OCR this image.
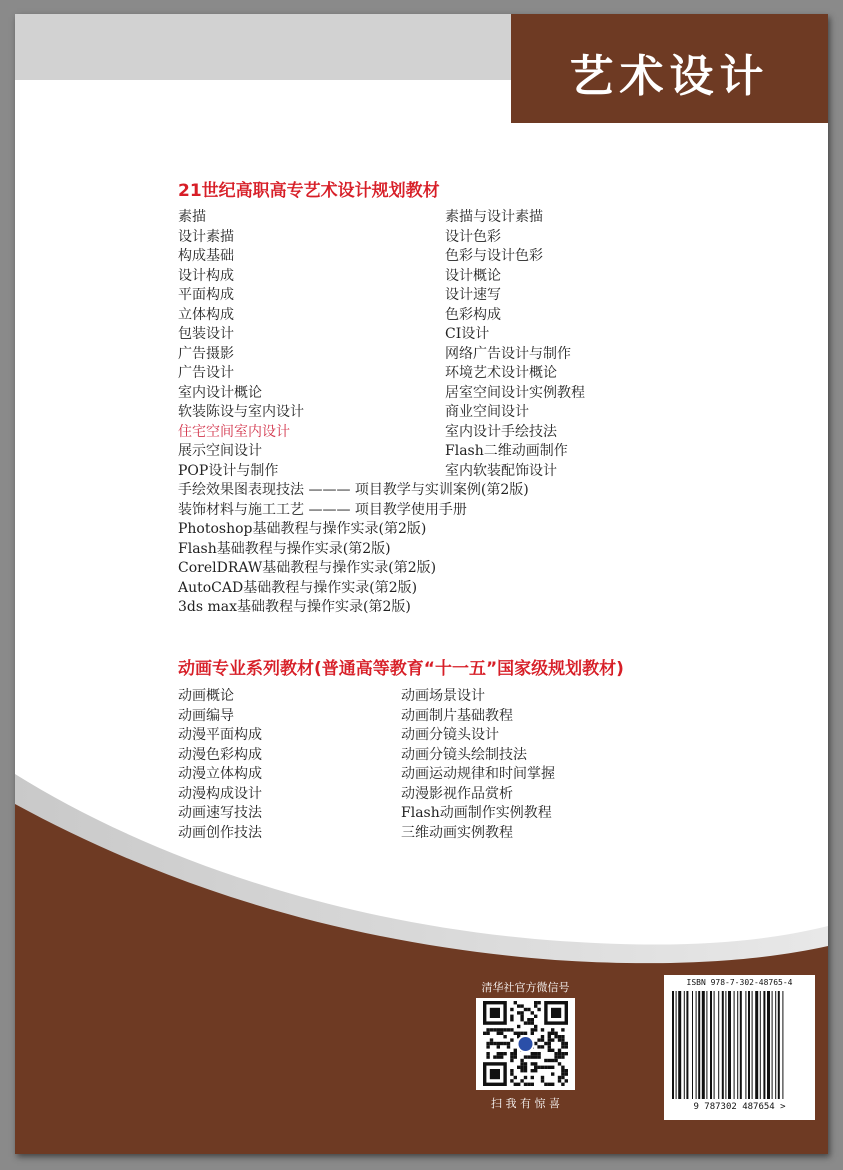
艺术设计
21世纪高职高专艺术设计规划教材
素描
设计素描
构成基础
设计构成
平面构成
立体构成
包装设计
广告摄影
广告设计
室内设计概论
软装陈设与室内设计
住宅空间室内设计
展示空间设计
POP设计与制作
素描与设计素描
设计色彩
色彩与设计色彩
设计概论
设计速写
色彩构成
CI设计
网络广告设计与制作
环境艺术设计概论
居室空间设计实例教程
商业空间设计
室内设计手绘技法
Flash二维动画制作
室内软装配饰设计
手绘效果图表现技法 ——— 项目教学与实训案例(第2版)
装饰材料与施工工艺 ——— 项目教学使用手册
Photoshop基础教程与操作实录(第2版)
Flash基础教程与操作实录(第2版)
CorelDRAW基础教程与操作实录(第2版)
AutoCAD基础教程与操作实录(第2版)
3ds max基础教程与操作实录(第2版)
动画专业系列教材(普通高等教育“十一五”国家级规划教材)
动画概论
动画编导
动漫平面构成
动漫色彩构成
动漫立体构成
动漫构成设计
动画速写技法
动画创作技法
动画场景设计
动画制片基础教程
动画分镜头设计
动画分镜头绘制技法
动画运动规律和时间掌握
动漫影视作品赏析
Flash动画制作实例教程
三维动画实例教程
清华社官方微信号
扫 我 有 惊 喜
ISBN 978-7-302-48765-4
9 787302 487654 >
